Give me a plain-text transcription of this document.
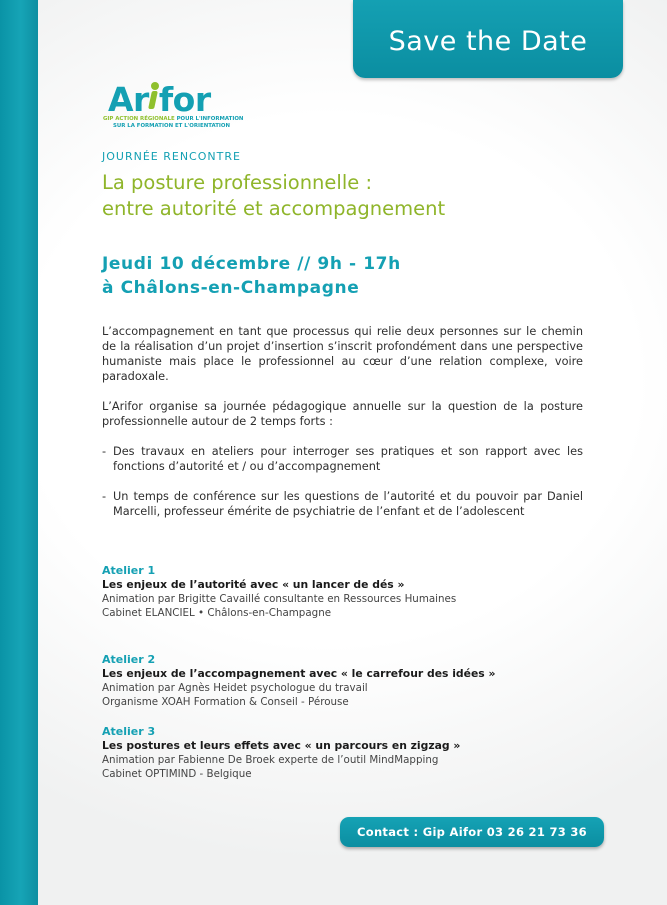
Save the Date
Ar for
GIP ACTION RÉGIONALE POUR L'INFORMATION
SUR LA FORMATION ET L'ORIENTATION
JOURNÉE RENCONTRE
La posture professionnelle :
entre autorité et accompagnement
Jeudi 10 décembre // 9h - 17h
à Châlons-en-Champagne

L’accompagnement en tant que processus qui relie deux personnes sur le chemin de la réalisation d’un projet d’insertion s’inscrit profondément dans une perspective humaniste mais place le professionnel au cœur d’une relation complexe, voire paradoxale.

L’Arifor organise sa journée pédagogique annuelle sur la question de la posture professionnelle autour de 2 temps forts :

- Des travaux en ateliers pour interroger ses pratiques et son rapport avec les fonctions d’autorité et / ou d’accompagnement
- Un temps de conférence sur les questions de l’autorité et du pouvoir par Daniel Marcelli, professeur émérite de psychiatrie de l’enfant et de l’adolescent
Atelier 1
Les enjeux de l’autorité avec « un lancer de dés »
Animation par Brigitte Cavaillé consultante en Ressources Humaines
Cabinet ELANCIEL • Châlons-en-Champagne
Atelier 2
Les enjeux de l’accompagnement avec « le carrefour des idées »
Animation par Agnès Heidet psychologue du travail
Organisme XOAH Formation & Conseil - Pérouse
Atelier 3
Les postures et leurs effets avec « un parcours en zigzag »
Animation par Fabienne De Broek experte de l’outil MindMapping
Cabinet OPTIMIND - Belgique
Contact : Gip Aifor 03 26 21 73 36
